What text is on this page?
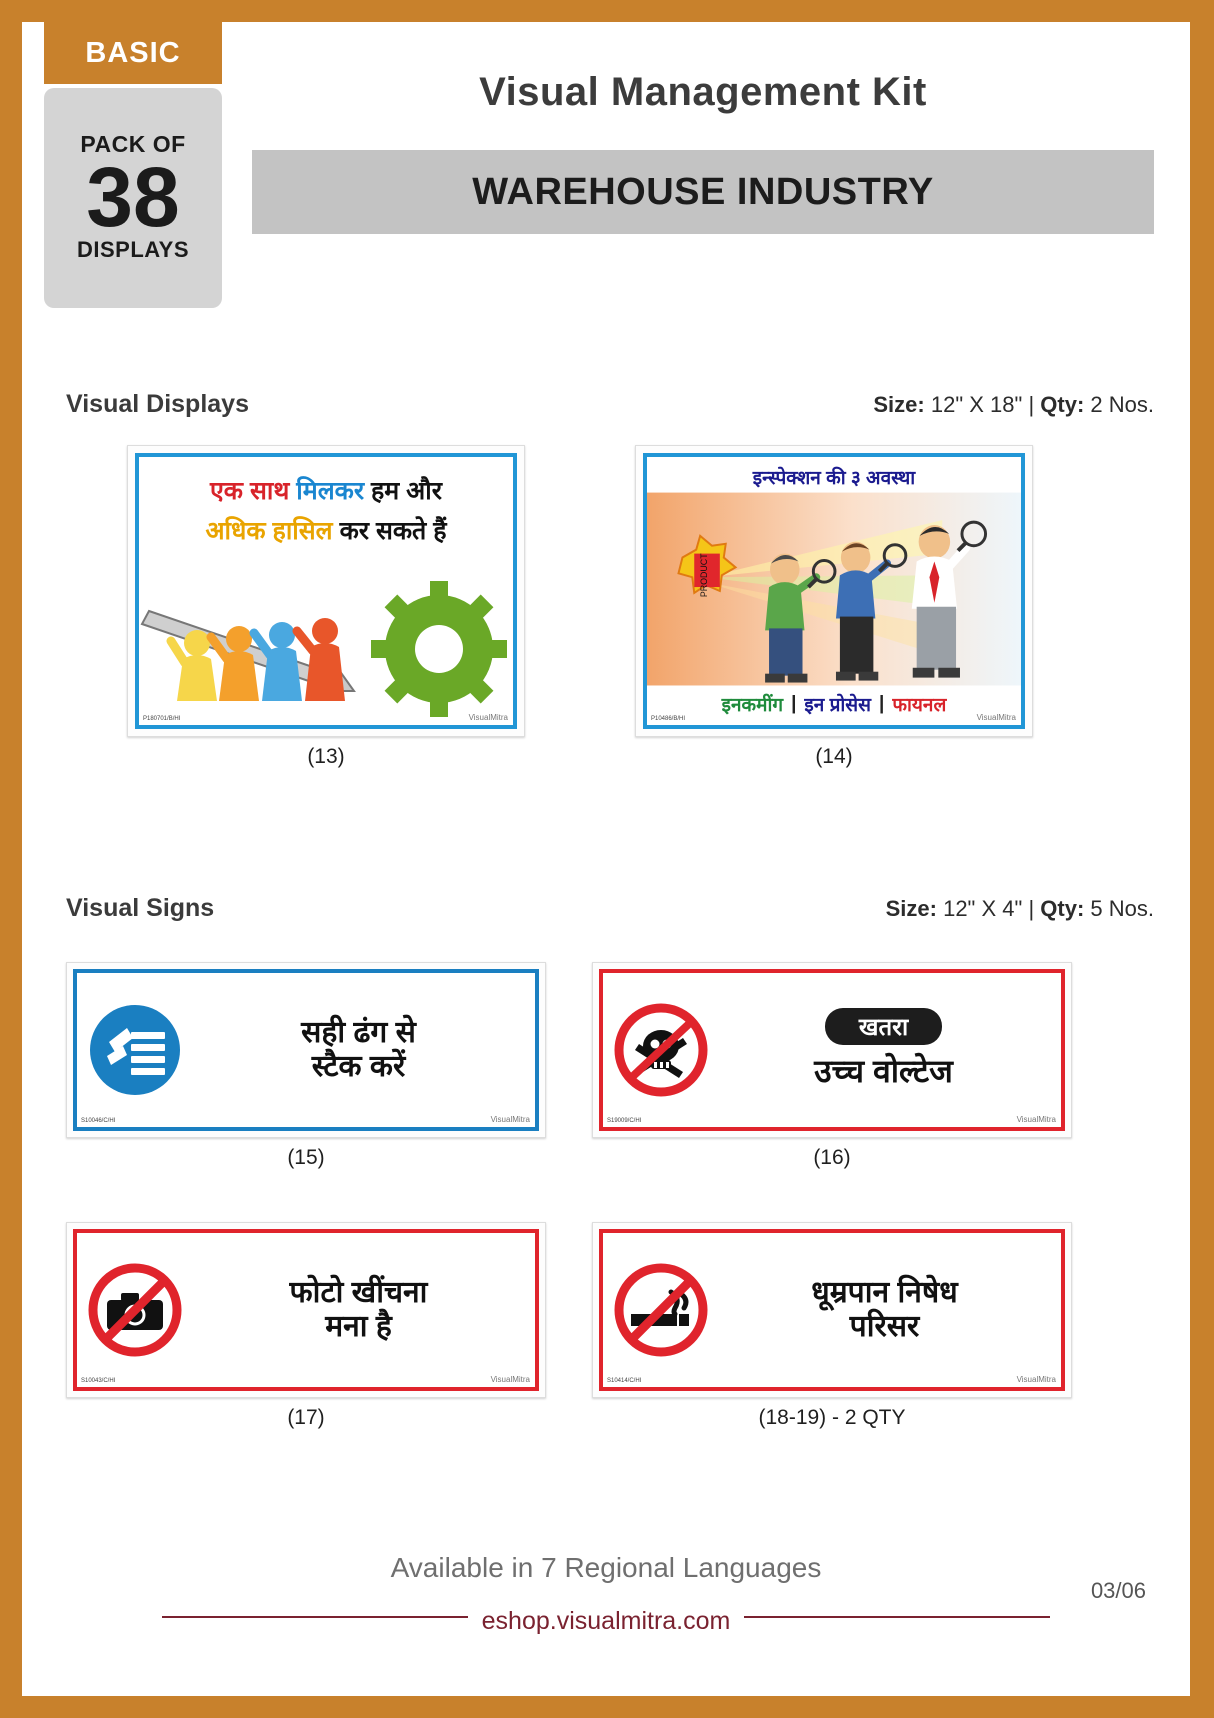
BASIC
PACK OF
38
DISPLAYS
Visual Management Kit
WAREHOUSE INDUSTRY
Visual Displays	Size: 12" X 18" | Qty: 2 Nos.
एक साथ मिलकर हम और
अधिक हासिल कर सकते हैं
P180701/B/HI	VisualMitra
(13)
PRODUCT
इन्स्पेक्शन की ३ अवस्था
इनकमींग | इन प्रोसेस | फायनल
P10486/B/HI	VisualMitra
(14)
Visual Signs	Size: 12" X 4" | Qty: 5 Nos.
सही ढंग से
स्टैक करें
S10046/C/HI	VisualMitra
(15)
खतरा
उच्च वोल्टेज
S19009/C/HI	VisualMitra
(16)
फोटो खींचना
मना है
S10043/C/HI	VisualMitra
(17)
धूम्रपान निषेध
परिसर
S10414/C/HI	VisualMitra
(18-19) - 2 QTY
Available in 7 Regional Languages
eshop.visualmitra.com
03/06
